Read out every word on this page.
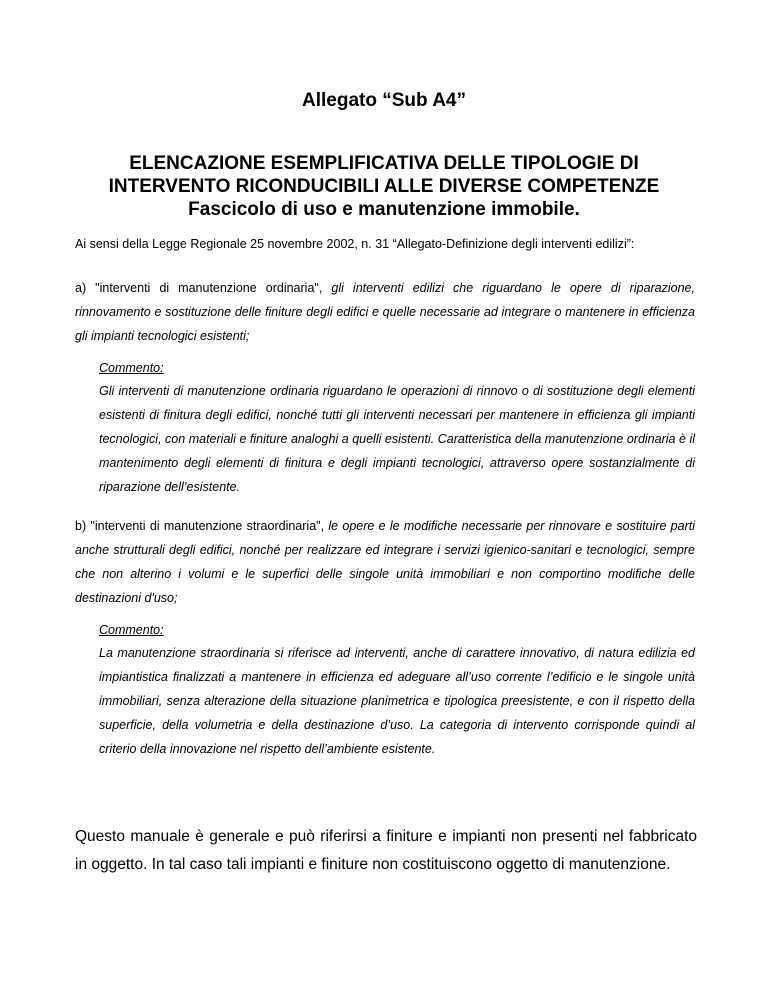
Allegato “Sub A4”
ELENCAZIONE ESEMPLIFICATIVA DELLE TIPOLOGIE DI
INTERVENTO RICONDUCIBILI ALLE DIVERSE COMPETENZE
Fascicolo di uso e manutenzione immobile.
Ai sensi della Legge Regionale 25 novembre 2002, n. 31 “Allegato-Definizione degli interventi edilizi”:
a) "interventi di manutenzione ordinaria", gli interventi edilizi che riguardano le opere di riparazione, rinnovamento e sostituzione delle finiture degli edifici e quelle necessarie ad integrare o mantenere in efficienza gli impianti tecnologici esistenti;
Commento:
Gli interventi di manutenzione ordinaria riguardano le operazioni di rinnovo o di sostituzione degli elementi esistenti di finitura degli edifici, nonché tutti gli interventi necessari per mantenere in efficienza gli impianti tecnologici, con materiali e finiture analoghi a quelli esistenti. Caratteristica della manutenzione ordinaria è il mantenimento degli elementi di finitura e degli impianti tecnologici, attraverso opere sostanzialmente di riparazione dell’esistente.
b) "interventi di manutenzione straordinaria", le opere e le modifiche necessarie per rinnovare e sostituire parti anche strutturali degli edifici, nonché per realizzare ed integrare i servizi igienico-sanitari e tecnologici, sempre che non alterino i volumi e le superfici delle singole unità immobiliari e non comportino modifiche delle destinazioni d'uso;
Commento:
La manutenzione straordinaria si riferisce ad interventi, anche di carattere innovativo, di natura edilizia ed impiantistica finalizzati a mantenere in efficienza ed adeguare all’uso corrente l’edificio e le singole unità immobiliari, senza alterazione della situazione planimetrica e tipologica preesistente, e con il rispetto della superficie, della volumetria e della destinazione d’uso. La categoria di intervento corrisponde quindi al criterio della innovazione nel rispetto dell’ambiente esistente.
Questo manuale è generale e può riferirsi a finiture e impianti non presenti nel fabbricato in oggetto. In tal caso tali impianti e finiture non costituiscono oggetto di manutenzione.
